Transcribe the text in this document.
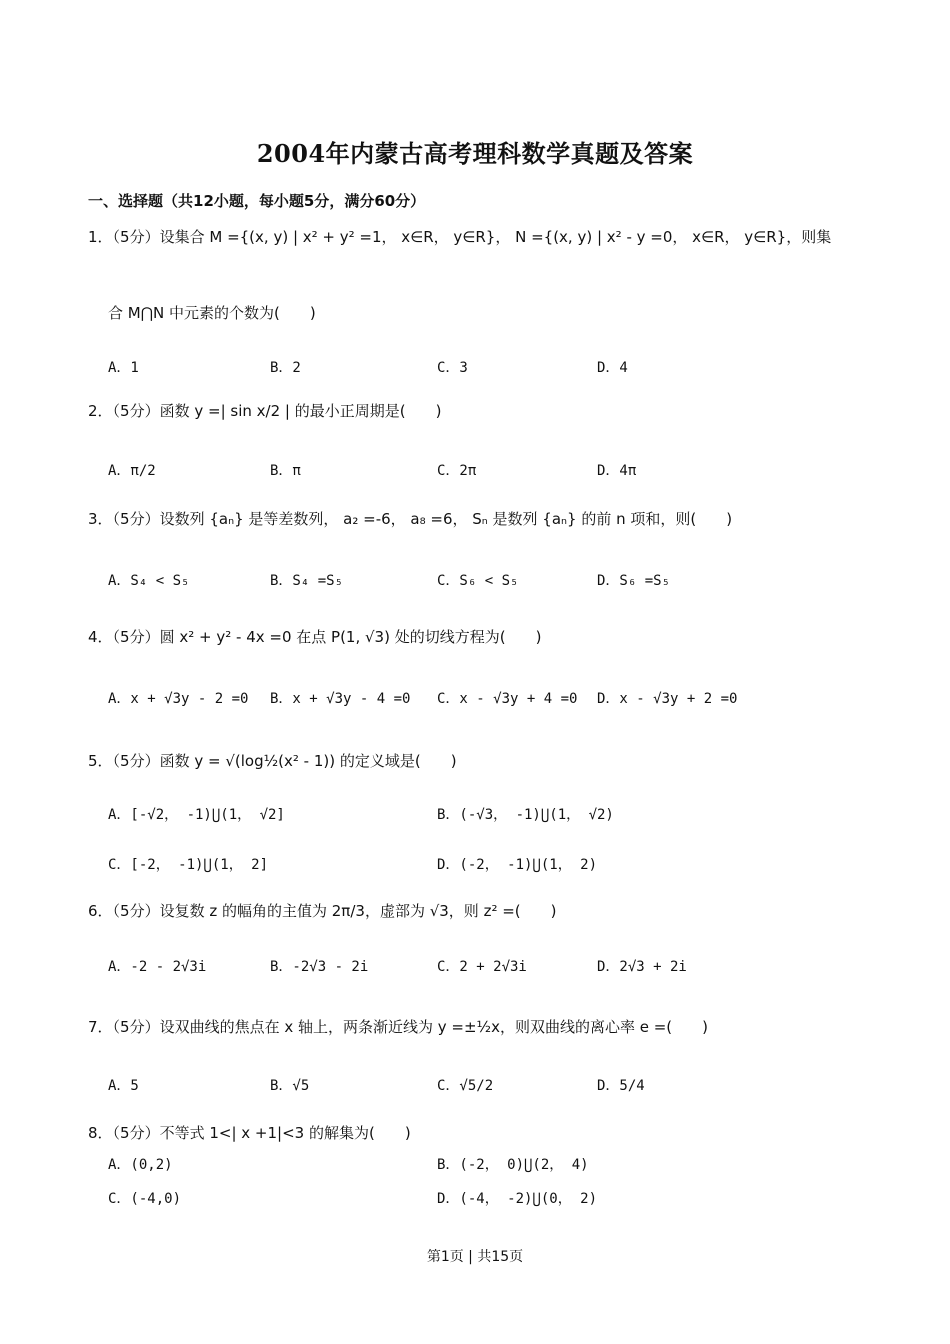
2004年内蒙古高考理科数学真题及答案
一、选择题（共12小题，每小题5分，满分60分）
1．（5分）设集合 M ={(x, y) | x² + y² =1， x∈R， y∈R}， N ={(x, y) | x² - y =0， x∈R， y∈R}，则集
合 M⋂N 中元素的个数为(　　)
A．1	B．2	C．3	D．4
2．（5分）函数 y =| sin x/2 | 的最小正周期是(　　)
A．π/2	B．π	C．2π	D．4π
3．（5分）设数列 {aₙ} 是等差数列， a₂ =-6， a₈ =6， Sₙ 是数列 {aₙ} 的前 n 项和，则(　　)
A．S₄ < S₅	B．S₄ =S₅	C．S₆ < S₅	D．S₆ =S₅
4．（5分）圆 x² + y² - 4x =0 在点 P(1, √3) 处的切线方程为(　　)
A．x + √3y - 2 =0 B．x + √3y - 4 =0 C．x - √3y + 4 =0 D．x - √3y + 2 =0
5．（5分）函数 y = √(log½(x² - 1)) 的定义域是(　　)
A．[-√2， -1)⋃(1， √2]	B．(-√3， -1)⋃(1， √2)
C．[-2， -1)⋃(1， 2]	D．(-2， -1)⋃(1， 2)
6．（5分）设复数 z 的幅角的主值为 2π/3，虚部为 √3，则 z² =(　　)
A．-2 - 2√3i	B．-2√3 - 2i	C．2 + 2√3i	D．2√3 + 2i
7．（5分）设双曲线的焦点在 x 轴上，两条渐近线为 y =±½x，则双曲线的离心率 e =(　　)
A．5	B．√5	C．√5/2	D．5/4
8．（5分）不等式 1<| x +1|<3 的解集为(　　)
A．(0,2)	B．(-2， 0)⋃(2， 4)
C．(-4,0)	D．(-4， -2)⋃(0， 2)
第1页 | 共15页
